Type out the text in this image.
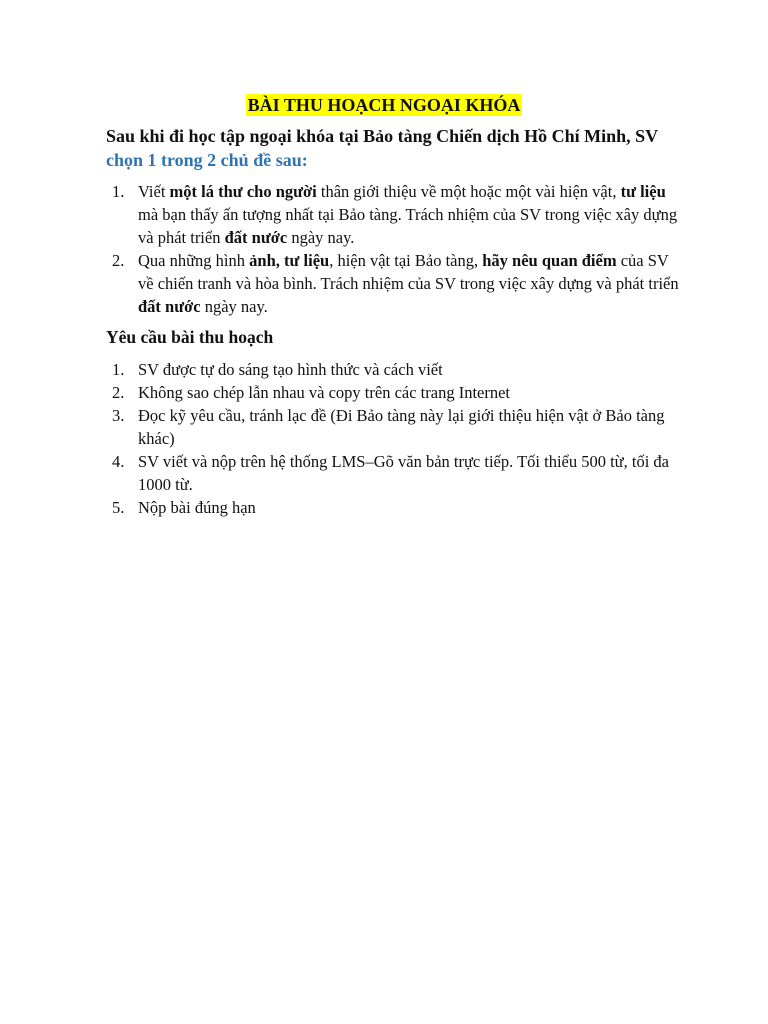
BÀI THU HOẠCH NGOẠI KHÓA
Sau khi đi học tập ngoại khóa tại Bảo tàng Chiến dịch Hồ Chí Minh, SV chọn 1 trong 2 chủ đề sau:
1. Viết một lá thư cho người thân giới thiệu về một hoặc một vài hiện vật, tư liệu mà bạn thấy ấn tượng nhất tại Bảo tàng. Trách nhiệm của SV trong việc xây dựng và phát triển đất nước ngày nay.
2. Qua những hình ảnh, tư liệu, hiện vật tại Bảo tàng, hãy nêu quan điểm của SV về chiến tranh và hòa bình. Trách nhiệm của SV trong việc xây dựng và phát triển đất nước ngày nay.
Yêu cầu bài thu hoạch
1. SV được tự do sáng tạo hình thức và cách viết
2. Không sao chép lẫn nhau và copy trên các trang Internet
3. Đọc kỹ yêu cầu, tránh lạc đề (Đi Bảo tàng này lại giới thiệu hiện vật ở Bảo tàng khác)
4. SV viết và nộp trên hệ thống LMS–Gõ văn bản trực tiếp. Tối thiểu 500 từ, tối đa 1000 từ.
5. Nộp bài đúng hạn
